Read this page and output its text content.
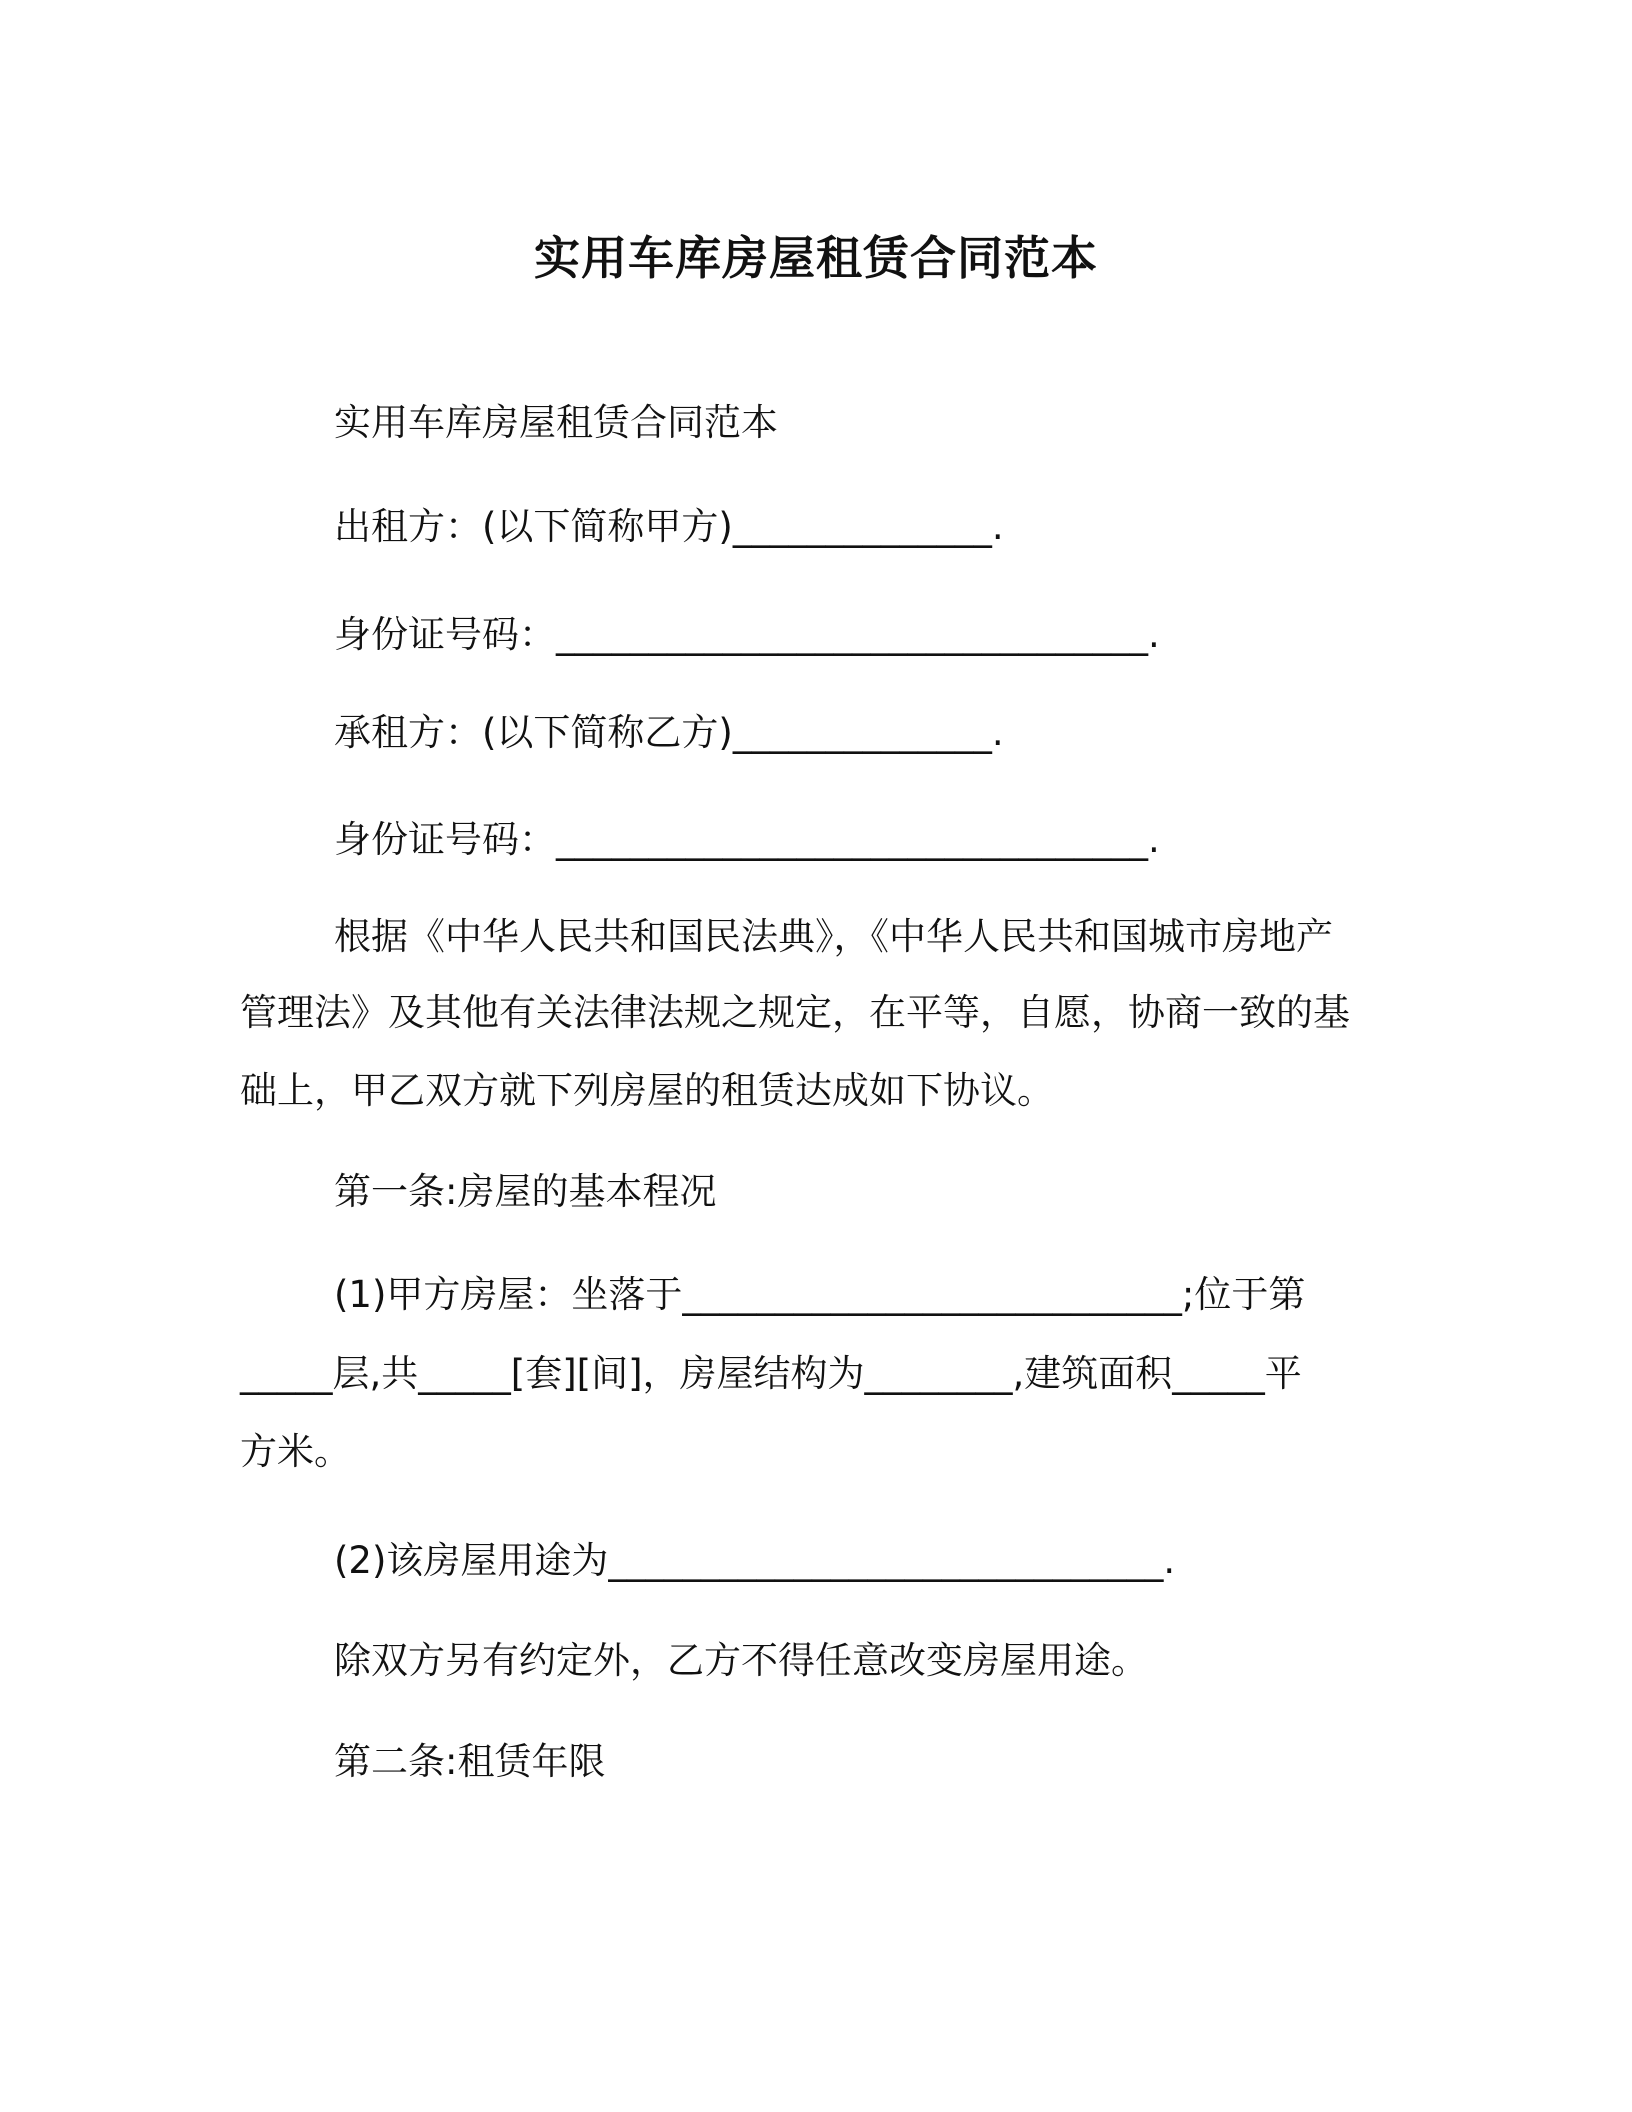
实用车库房屋租赁合同范本
实用车库房屋租赁合同范本
出租方：(以下简称甲方)______________.
身份证号码：________________________________.
承租方：(以下简称乙方)______________.
身份证号码：________________________________.
根据《中华人民共和国民法典》，《中华人民共和国城市房地产
管理法》及其他有关法律法规之规定，在平等，自愿，协商一致的基
础上，甲乙双方就下列房屋的租赁达成如下协议。
第一条:房屋的基本程况
(1)甲方房屋：坐落于___________________________;位于第
_____层,共_____[套][间]，房屋结构为________,建筑面积_____平
方米。
(2)该房屋用途为______________________________.
除双方另有约定外，乙方不得任意改变房屋用途。
第二条:租赁年限
